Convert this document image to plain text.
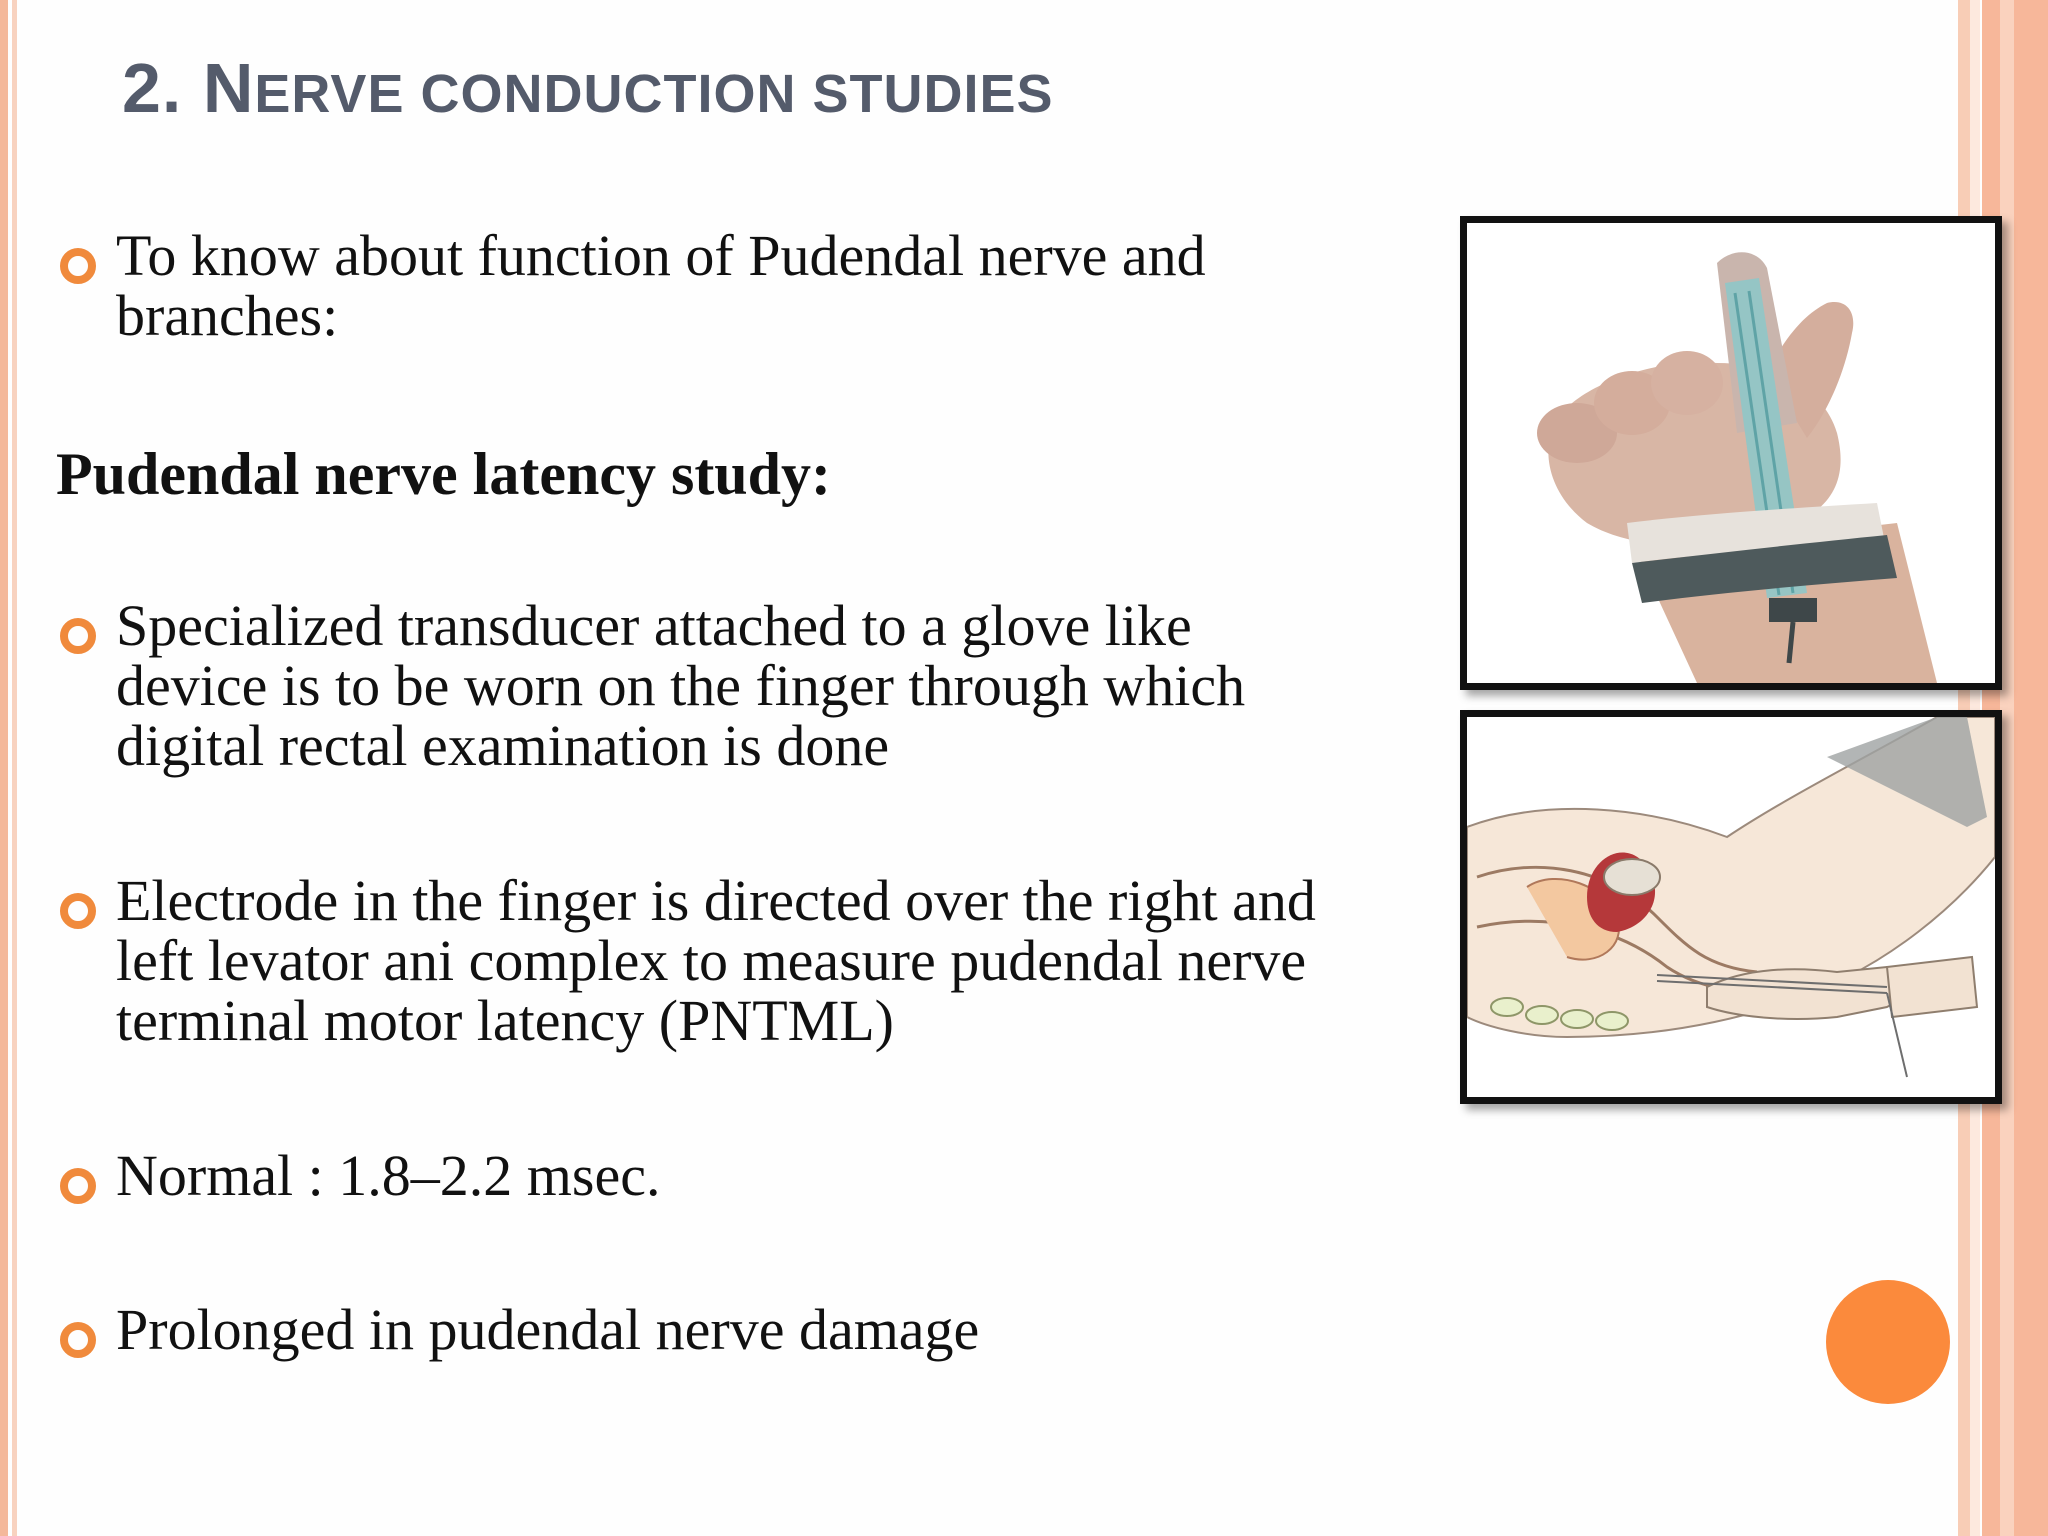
2. NERVE CONDUCTION STUDIES
To know about function of Pudendal nerve and
branches:
Pudendal nerve latency study:
Specialized transducer attached to a glove like
device is to be worn on the finger through which
digital rectal examination is done
Electrode in the finger is directed over the right and
left levator ani complex to measure pudendal nerve
terminal motor latency (PNTML)
Normal : 1.8–2.2 msec.
Prolonged in pudendal nerve damage
